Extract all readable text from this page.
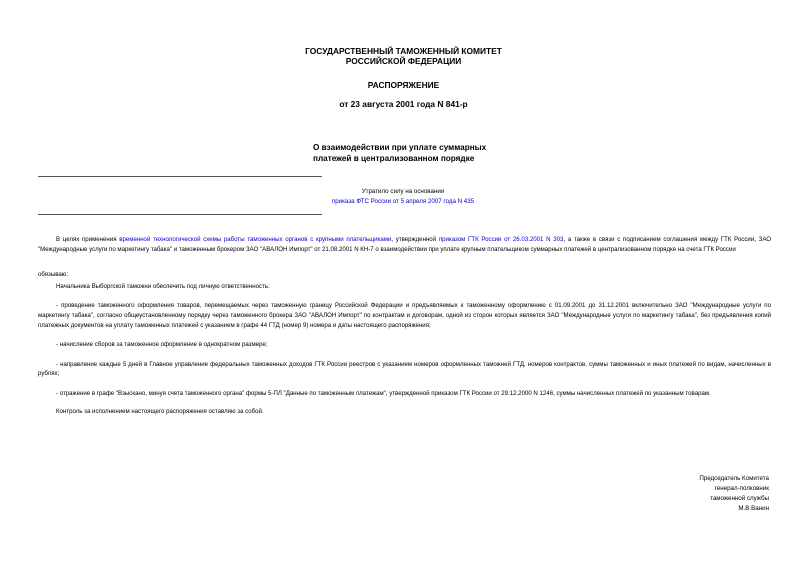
ГОСУДАРСТВЕННЫЙ ТАМОЖЕННЫЙ КОМИТЕТ
РОССИЙСКОЙ ФЕДЕРАЦИИ
РАСПОРЯЖЕНИЕ
от 23 августа 2001 года N 841-р
О взаимодействии при уплате суммарных
платежей в централизованном порядке
Утратило силу на основании
приказа ФТС России от 5 апреля 2007 года N 435

В целях применения временной технологической схемы работы таможенных органов с крупными плательщиками, утвержденной приказом ГТК России от 26.03.2001 N 303, а также в связи с подписанием соглашения между ГТК России, ЗАО "Международные услуги по маркетингу табака" и таможенным брокером ЗАО "АВАЛОН Импорт" от 21.08.2001 N КН-7 о взаимодействии при уплате крупным плательщиком суммарных платежей в централизованном порядке на счета ГТК России

обязываю:

Начальника Выборгской таможни обеспечить под личную ответственность:

- проведение таможенного оформления товаров, перемещаемых через таможенную границу Российской Федерации и предъявляемых к таможенному оформлению с 01.09.2001 до 31.12.2001 включительно ЗАО "Международные услуги по маркетингу табака", согласно общеустановленному порядку через таможенного брокера ЗАО "АВАЛОН Импорт" по контрактам и договорам, одной из сторон которых является ЗАО "Международные услуги по маркетингу табака", без предъявления копий платежных документов на уплату таможенных платежей с указанием в графе 44 ГТД (номер 9) номера и даты настоящего распоряжения;

- начисление сборов за таможенное оформление в однократном размере;

- направление каждые 5 дней в Главное управление федеральных таможенных доходов ГТК России реестров с указанием номеров оформленных таможней ГТД, номеров контрактов, суммы таможенных и иных платежей по видам, начисленных в рублях;

- отражение в графе "Взыскано, минуя счета таможенного органа" формы 5-ПЛ "Данные по таможенным платежам", утвержденной приказом ГТК России от 29.12.2000 N 1246, суммы начисленных платежей по указанным товарам.

Контроль за исполнением настоящего распоряжения оставляю за собой.

Председатель Комитета
генерал-полковник
таможенной службы
М.В.Ванин
